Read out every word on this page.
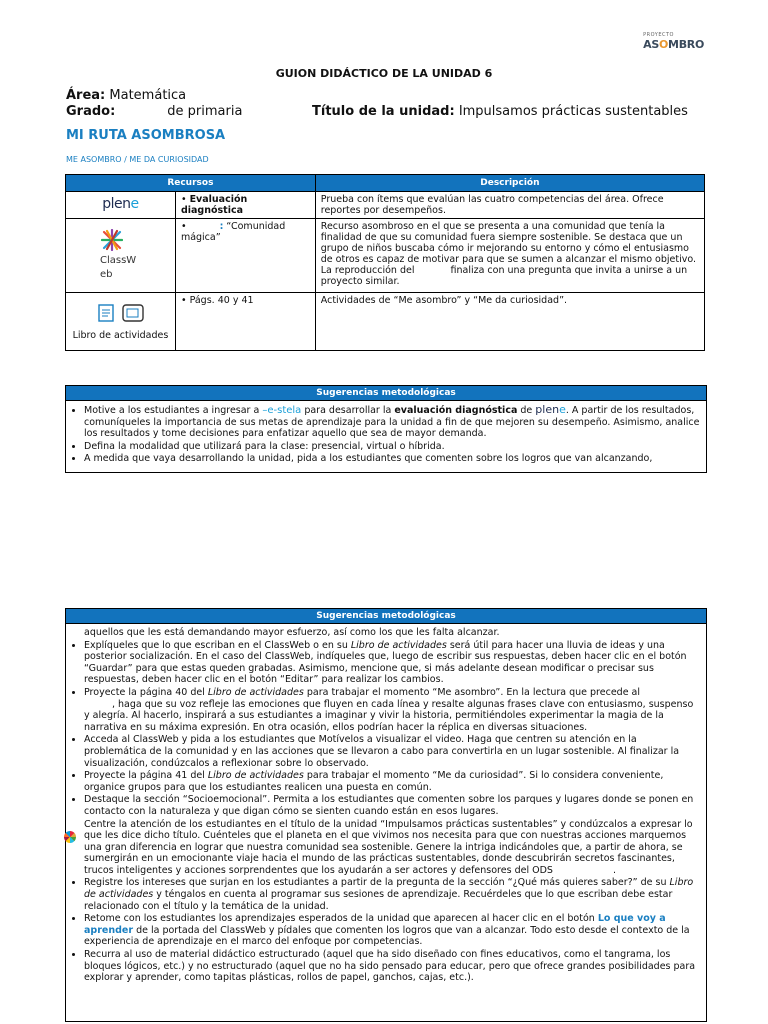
PROYECTO
ASOMBRO
GUION DIDÁCTICO DE LA UNIDAD 6
Área: Matemática
Grado:	de primaria	Título de la unidad: Impulsamos prácticas sustentables
MI RUTA ASOMBROSA
ME ASOMBRO / ME DA CURIOSIDAD
Recursos		Descripción
plene	• Evaluación diagnóstica	Prueba con ítems que evalúan las cuatro competencias del área. Ofrece reportes por desempeños.

ClassW eb	• : “Comunidad mágica”	Recurso asombroso en el que se presenta a una comunidad que tenía la finalidad de que su comunidad fuera siempre sostenible. Se destaca que un grupo de niños buscaba cómo ir mejorando su entorno y cómo el entusiasmo de otros es capaz de motivar para que se sumen a alcanzar el mismo objetivo. La reproducción del finaliza con una pregunta que invita a unirse a un proyecto similar.

Libro de actividades	• Págs. 40 y 41	Actividades de “Me asombro” y “Me da curiosidad”.
Sugerencias metodológicas
• Motive a los estudiantes a ingresar a –e-stela para desarrollar la evaluación diagnóstica de plene. A partir de los resultados, comuníqueles la importancia de sus metas de aprendizaje para la unidad a fin de que mejoren su desempeño. Asimismo, analice los resultados y tome decisiones para enfatizar aquello que sea de mayor demanda.
• Defina la modalidad que utilizará para la clase: presencial, virtual o híbrida.
• A medida que vaya desarrollando la unidad, pida a los estudiantes que comenten sobre los logros que van alcanzando,
Sugerencias metodológicas

aquellos que les está demandando mayor esfuerzo, así como los que les falta alcanzar.

• Explíqueles que lo que escriban en el ClassWeb o en su Libro de actividades será útil para hacer una lluvia de ideas y una posterior socialización. En el caso del ClassWeb, indíqueles que, luego de escribir sus respuestas, deben hacer clic en el botón “Guardar” para que estas queden grabadas. Asimismo, mencione que, si más adelante desean modificar o precisar sus respuestas, deben hacer clic en el botón “Editar” para realizar los cambios.
• Proyecte la página 40 del Libro de actividades para trabajar el momento “Me asombro”. En la lectura que precede al
, haga que su voz refleje las emociones que fluyen en cada línea y resalte algunas frases clave con entusiasmo, suspenso y alegría. Al hacerlo, inspirará a sus estudiantes a imaginar y vivir la historia, permitiéndoles experimentar la magia de la narrativa en su máxima expresión. En otra ocasión, ellos podrían hacer la réplica en diversas situaciones.
• Acceda al ClassWeb y pida a los estudiantes que Motívelos a visualizar el video. Haga que centren su atención en la problemática de la comunidad y en las acciones que se llevaron a cabo para convertirla en un lugar sostenible. Al finalizar la visualización, condúzcalos a reflexionar sobre lo observado.
• Proyecte la página 41 del Libro de actividades para trabajar el momento “Me da curiosidad”. Si lo considera conveniente, organice grupos para que los estudiantes realicen una puesta en común.
• Destaque la sección “Socioemocional”. Permita a los estudiantes que comenten sobre los parques y lugares donde se ponen en contacto con la naturaleza y que digan cómo se sienten cuando están en esos lugares.
Centre la atención de los estudiantes en el título de la unidad “Impulsamos prácticas sustentables” y condúzcalos a expresar lo que les dice dicho título. Cuénteles que el planeta en el que vivimos nos necesita para que con nuestras acciones marquemos una gran diferencia en lograr que nuestra comunidad sea sostenible. Genere la intriga indicándoles que, a partir de ahora, se sumergirán en un emocionante viaje hacia el mundo de las prácticas sustentables, donde descubrirán secretos fascinantes, trucos inteligentes y acciones sorprendentes que los ayudarán a ser actores y defensores del ODS	.
• Registre los intereses que surjan en los estudiantes a partir de la pregunta de la sección “¿Qué más quieres saber?” de su Libro de actividades y téngalos en cuenta al programar sus sesiones de aprendizaje. Recuérdeles que lo que escriban debe estar relacionado con el título y la temática de la unidad.
• Retome con los estudiantes los aprendizajes esperados de la unidad que aparecen al hacer clic en el botón Lo que voy a aprender de la portada del ClassWeb y pídales que comenten los logros que van a alcanzar. Todo esto desde el contexto de la experiencia de aprendizaje en el marco del enfoque por competencias.
• Recurra al uso de material didáctico estructurado (aquel que ha sido diseñado con fines educativos, como el tangrama, los bloques lógicos, etc.) y no estructurado (aquel que no ha sido pensado para educar, pero que ofrece grandes posibilidades para explorar y aprender, como tapitas plásticas, rollos de papel, ganchos, cajas, etc.).
